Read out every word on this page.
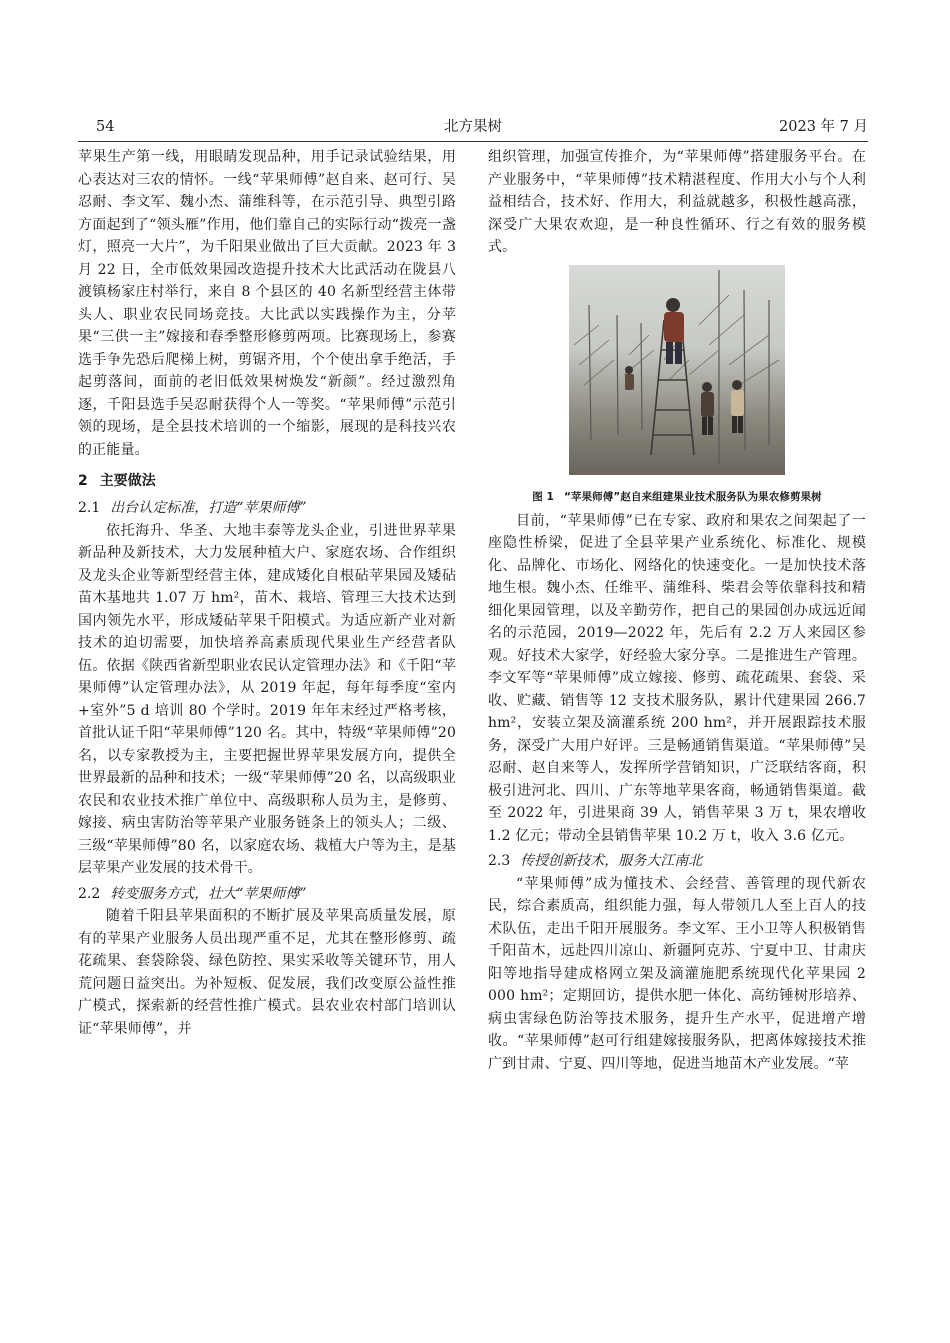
54	北方果树	2023 年 7 月

苹果生产第一线，用眼睛发现品种，用手记录试验结果，用心表达对三农的情怀。一线“苹果师傅”赵自来、赵可行、吴忍耐、李文军、魏小杰、蒲维科等，在示范引导、典型引路方面起到了“领头雁”作用，他们靠自己的实际行动“拨亮一盏灯，照亮一大片”，为千阳果业做出了巨大贡献。2023 年 3 月 22 日，全市低效果园改造提升技术大比武活动在陇县八渡镇杨家庄村举行，来自 8 个县区的 40 名新型经营主体带头人、职业农民同场竞技。大比武以实践操作为主，分苹果“三供一主”嫁接和春季整形修剪两项。比赛现场上，参赛选手争先恐后爬梯上树，剪锯齐用，个个使出拿手绝活，手起剪落间，面前的老旧低效果树焕发“新颜”。经过激烈角逐，千阳县选手吴忍耐获得个人一等奖。“苹果师傅”示范引领的现场，是全县技术培训的一个缩影，展现的是科技兴农的正能量。

2 主要做法
2.1 出台认定标准，打造“苹果师傅”

依托海升、华圣、大地丰泰等龙头企业，引进世界苹果新品种及新技术，大力发展种植大户、家庭农场、合作组织及龙头企业等新型经营主体，建成矮化自根砧苹果园及矮砧苗木基地共 1.07 万 hm²，苗木、栽培、管理三大技术达到国内领先水平，形成矮砧苹果千阳模式。为适应新产业对新技术的迫切需要，加快培养高素质现代果业生产经营者队伍。依据《陕西省新型职业农民认定管理办法》和《千阳“苹果师傅”认定管理办法》，从 2019 年起，每年每季度“室内+室外”5 d 培训 80 个学时。2019 年年末经过严格考核，首批认证千阳“苹果师傅”120 名。其中，特级“苹果师傅”20 名，以专家教授为主，主要把握世界苹果发展方向，提供全世界最新的品种和技术；一级“苹果师傅”20 名，以高级职业农民和农业技术推广单位中、高级职称人员为主，是修剪、嫁接、病虫害防治等苹果产业服务链条上的领头人；二级、三级“苹果师傅”80 名，以家庭农场、栽植大户等为主，是基层苹果产业发展的技术骨干。

2.2 转变服务方式，壮大“苹果师傅”

随着千阳县苹果面积的不断扩展及苹果高质量发展，原有的苹果产业服务人员出现严重不足，尤其在整形修剪、疏花疏果、套袋除袋、绿色防控、果实采收等关键环节，用人荒问题日益突出。为补短板、促发展，我们改变原公益性推广模式，探索新的经营性推广模式。县农业农村部门培训认证“苹果师傅”，并

组织管理，加强宣传推介，为“苹果师傅”搭建服务平台。在产业服务中，“苹果师傅”技术精湛程度、作用大小与个人利益相结合，技术好、作用大，利益就越多，积极性越高涨，深受广大果农欢迎，是一种良性循环、行之有效的服务模式。

图 1 “苹果师傅”赵自来组建果业技术服务队为果农修剪果树

目前，“苹果师傅”已在专家、政府和果农之间架起了一座隐性桥梁，促进了全县苹果产业系统化、标准化、规模化、品牌化、市场化、网络化的快速变化。一是加快技术落地生根。魏小杰、任维平、蒲维科、柴君会等依靠科技和精细化果园管理，以及辛勤劳作，把自己的果园创办成远近闻名的示范园，2019—2022 年，先后有 2.2 万人来园区参观。好技术大家学，好经验大家分享。二是推进生产管理。李文军等“苹果师傅”成立嫁接、修剪、疏花疏果、套袋、采收、贮藏、销售等 12 支技术服务队，累计代建果园 266.7 hm²，安装立架及滴灌系统 200 hm²，并开展跟踪技术服务，深受广大用户好评。三是畅通销售渠道。“苹果师傅”吴忍耐、赵自来等人，发挥所学营销知识，广泛联结客商，积极引进河北、四川、广东等地苹果客商，畅通销售渠道。截至 2022 年，引进果商 39 人，销售苹果 3 万 t，果农增收 1.2 亿元；带动全县销售苹果 10.2 万 t，收入 3.6 亿元。

2.3 传授创新技术，服务大江南北

“苹果师傅”成为懂技术、会经营、善管理的现代新农民，综合素质高，组织能力强，每人带领几人至上百人的技术队伍，走出千阳开展服务。李文军、王小卫等人积极销售千阳苗木，远赴四川凉山、新疆阿克苏、宁夏中卫、甘肃庆阳等地指导建成格网立架及滴灌施肥系统现代化苹果园 2 000 hm²；定期回访，提供水肥一体化、高纺锤树形培养、病虫害绿色防治等技术服务，提升生产水平，促进增产增收。“苹果师傅”赵可行组建嫁接服务队，把离体嫁接技术推广到甘肃、宁夏、四川等地，促进当地苗木产业发展。“苹
